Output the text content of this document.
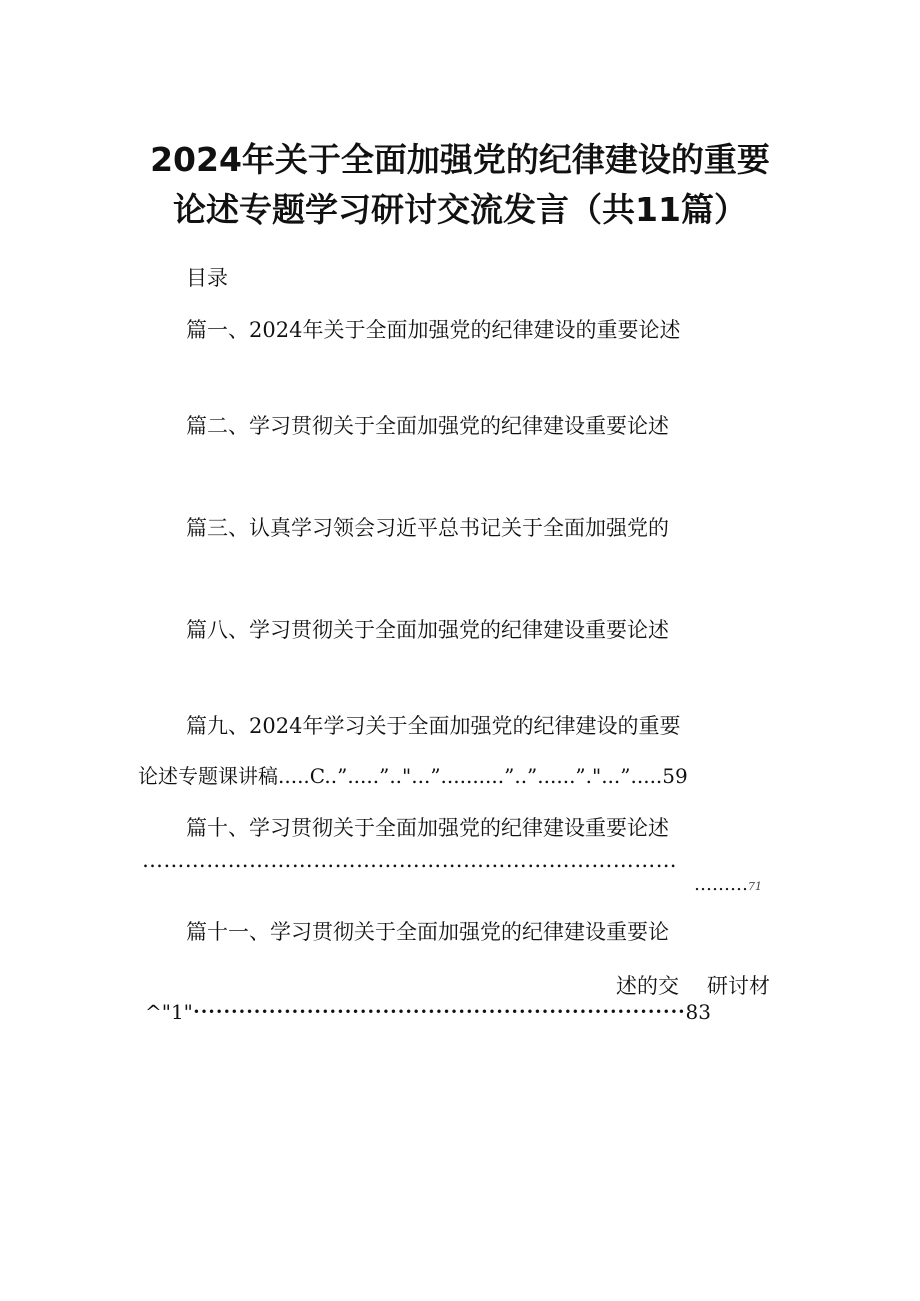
2024年关于全面加强党的纪律建设的重要
论述专题学习研讨交流发言（共11篇）
目录
篇一、2024年关于全面加强党的纪律建设的重要论述
篇二、学习贯彻关于全面加强党的纪律建设重要论述
篇三、认真学习领会习近平总书记关于全面加强党的
篇八、学习贯彻关于全面加强党的纪律建设重要论述
篇九、2024年学习关于全面加强党的纪律建设的重要
论述专题课讲稿.....C..”.....”.."...”..........”..”......”."...”.....59
篇十、学习贯彻关于全面加强党的纪律建设重要论述
…………………………………………………………………
………71
篇十一、学习贯彻关于全面加强党的纪律建设重要论
述的交 研讨材
^"1"•••••••••••••••••••••••••••••••••••••••••••••••••••••••••••••••••83
